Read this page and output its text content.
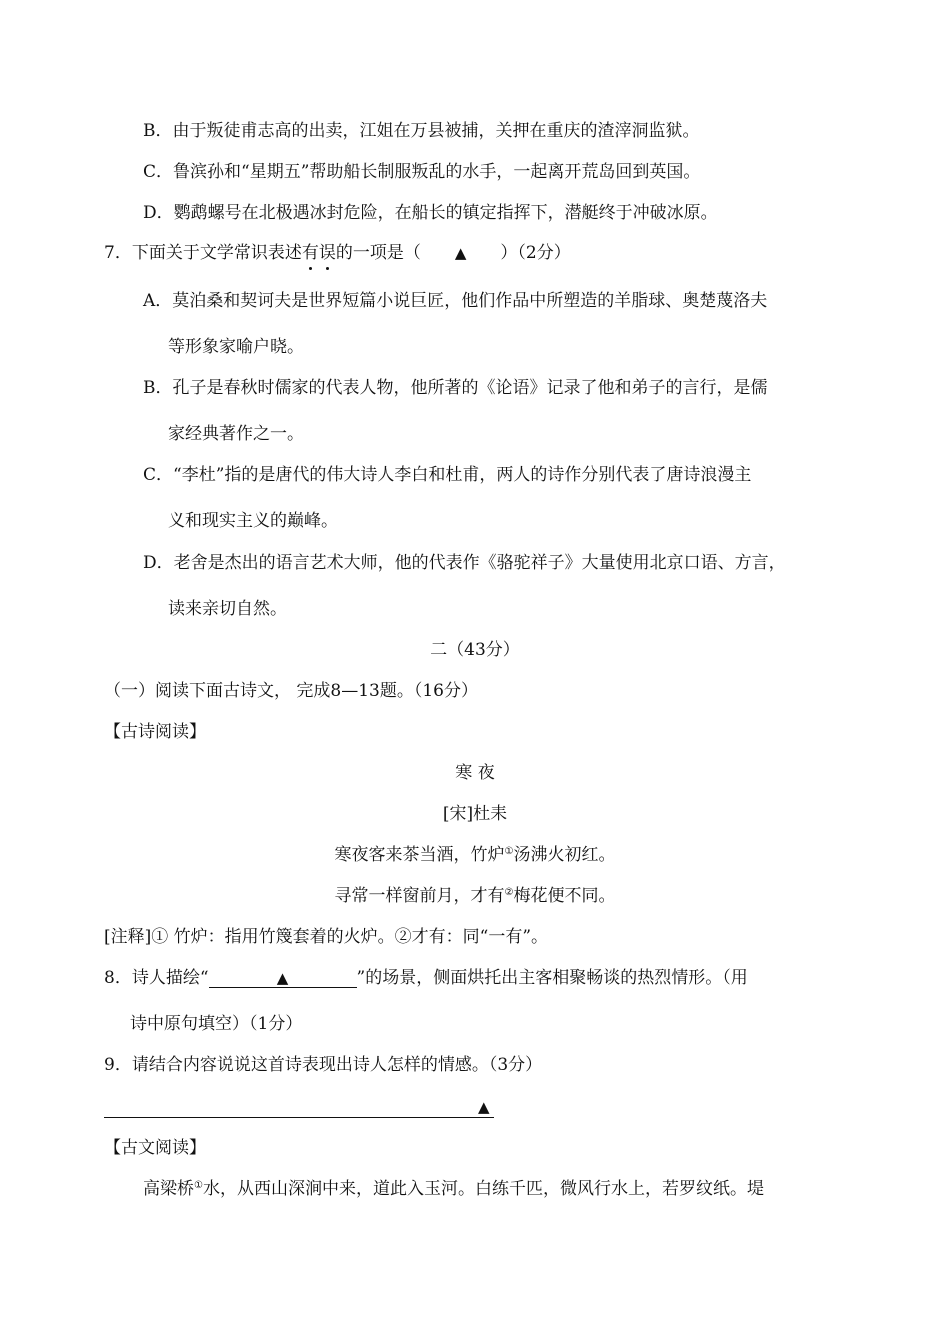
B．由于叛徒甫志高的出卖，江姐在万县被捕，关押在重庆的渣滓洞监狱。
C．鲁滨孙和“星期五”帮助船长制服叛乱的水手，一起离开荒岛回到英国。
D．鹦鹉螺号在北极遇冰封危险，在船长的镇定指挥下，潜艇终于冲破冰原。
7．下面关于文学常识表述有误的一项是（ ▲ ）（2分）
A．莫泊桑和契诃夫是世界短篇小说巨匠，他们作品中所塑造的羊脂球、奥楚蔑洛夫
等形象家喻户晓。
B．孔子是春秋时儒家的代表人物，他所著的《论语》记录了他和弟子的言行，是儒
家经典著作之一。
C．“李杜”指的是唐代的伟大诗人李白和杜甫，两人的诗作分别代表了唐诗浪漫主
义和现实主义的巅峰。
D．老舍是杰出的语言艺术大师，他的代表作《骆驼祥子》大量使用北京口语、方言，
读来亲切自然。
二（43分）
（一）阅读下面古诗文， 完成8—13题。（16分）
【古诗阅读】
寒 夜
[宋]杜耒
寒夜客来茶当酒，竹炉①汤沸火初红。
寻常一样窗前月，才有②梅花便不同。
[注释]① 竹炉：指用竹篾套着的火炉。②才有：同“一有”。
8．诗人描绘“	▲	”的场景，侧面烘托出主客相聚畅谈的热烈情形。（用
诗中原句填空）（1分）
9．请结合内容说说这首诗表现出诗人怎样的情感。（3分）
▲
【古文阅读】
高梁桥①水，从西山深涧中来，道此入玉河。白练千匹，微风行水上，若罗纹纸。堤
